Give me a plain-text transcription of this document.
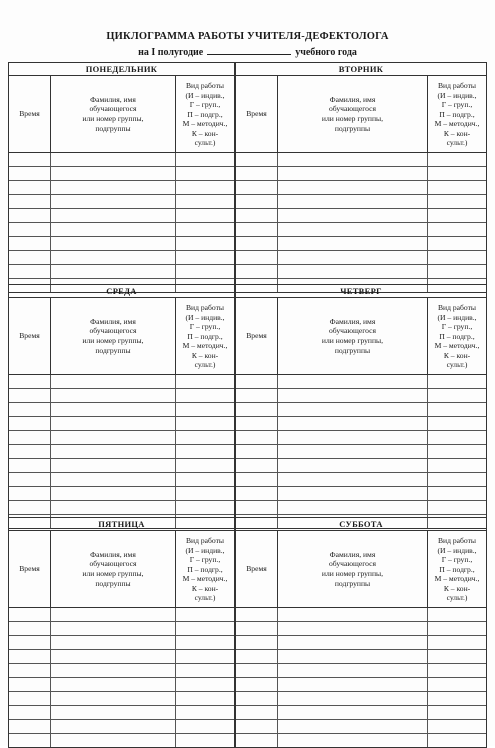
ЦИКЛОГРАММА РАБОТЫ УЧИТЕЛЯ-ДЕФЕКТОЛОГА
на I полугодие	учебного года
ПОНЕДЕЛЬНИК
Время
Фамилия, имя
обучающегося
или номер группы,
подгруппы
Вид работы
(И – индив.,
Г – груп.,
П – подгр.,
М – методич.,
К – кон-
сульт.)
ВТОРНИК
Время
Фамилия, имя
обучающегося
или номер группы,
подгруппы
Вид работы
(И – индив.,
Г – груп.,
П – подгр.,
М – методич.,
К – кон-
сульт.)
СРЕДА
Время
Фамилия, имя
обучающегося
или номер группы,
подгруппы
Вид работы
(И – индив.,
Г – груп.,
П – подгр.,
М – методич.,
К – кон-
сульт.)
ЧЕТВЕРГ
Время
Фамилия, имя
обучающегося
или номер группы,
подгруппы
Вид работы
(И – индив.,
Г – груп.,
П – подгр.,
М – методич.,
К – кон-
сульт.)
ПЯТНИЦА
Время
Фамилия, имя
обучающегося
или номер группы,
подгруппы
Вид работы
(И – индив.,
Г – груп.,
П – подгр.,
М – методич.,
К – кон-
сульт.)
СУББОТА
Время
Фамилия, имя
обучающегося
или номер группы,
подгруппы
Вид работы
(И – индив.,
Г – груп.,
П – подгр.,
М – методич.,
К – кон-
сульт.)
